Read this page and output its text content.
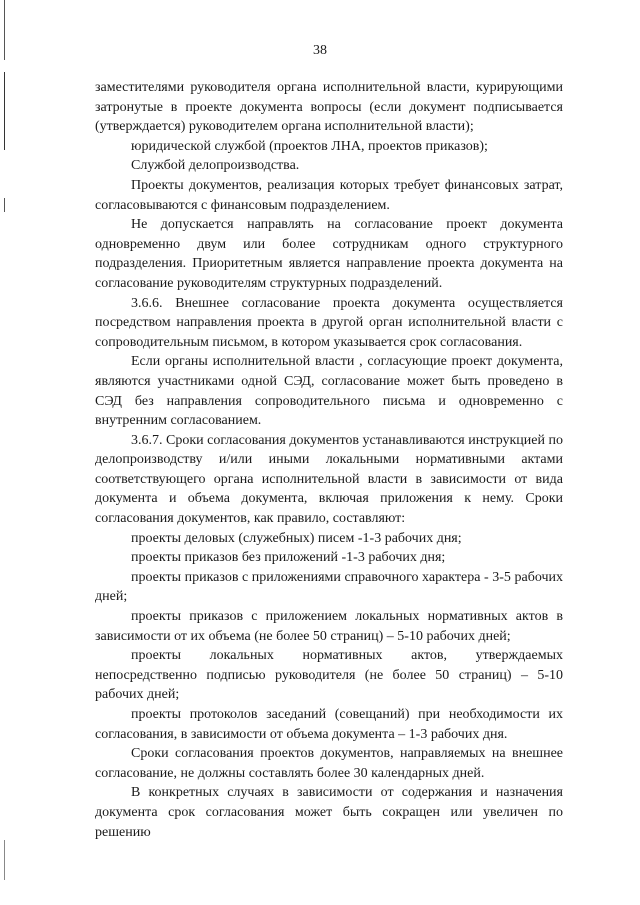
38

заместителями руководителя органа исполнительной власти, курирующими затронутые в проекте документа вопросы (если документ подписывается (утверждается) руководителем органа исполнительной власти);

юридической службой (проектов ЛНА, проектов приказов);

Службой делопроизводства.

Проекты документов, реализация которых требует финансовых затрат, согласовываются с финансовым подразделением.

Не допускается направлять на согласование проект документа одновременно двум или более сотрудникам одного структурного подразделения. Приоритетным является направление проекта документа на согласование руководителям структурных подразделений.

3.6.6. Внешнее согласование проекта документа осуществляется посредством направления проекта в другой орган исполнительной власти с сопроводительным письмом, в котором указывается срок согласования.

Если органы исполнительной власти , согласующие проект документа, являются участниками одной СЭД, согласование может быть проведено в СЭД без направления сопроводительного письма и одновременно с внутренним согласованием.

3.6.7. Сроки согласования документов устанавливаются инструкцией по делопроизводству и/или иными локальными нормативными актами соответствующего органа исполнительной власти в зависимости от вида документа и объема документа, включая приложения к нему. Сроки согласования документов, как правило, составляют:

проекты деловых (служебных) писем -1-3 рабочих дня;

проекты приказов без приложений -1-3 рабочих дня;

проекты приказов с приложениями справочного характера - 3-5 рабочих дней;

проекты приказов с приложением локальных нормативных актов в зависимости от их объема (не более 50 страниц) – 5-10 рабочих дней;

проекты локальных нормативных актов, утверждаемых непосредственно подписью руководителя (не более 50 страниц) – 5-10 рабочих дней;

проекты протоколов заседаний (совещаний) при необходимости их согласования, в зависимости от объема документа – 1-3 рабочих дня.

Сроки согласования проектов документов, направляемых на внешнее согласование, не должны составлять более 30 календарных дней.

В конкретных случаях в зависимости от содержания и назначения документа срок согласования может быть сокращен или увеличен по решению
